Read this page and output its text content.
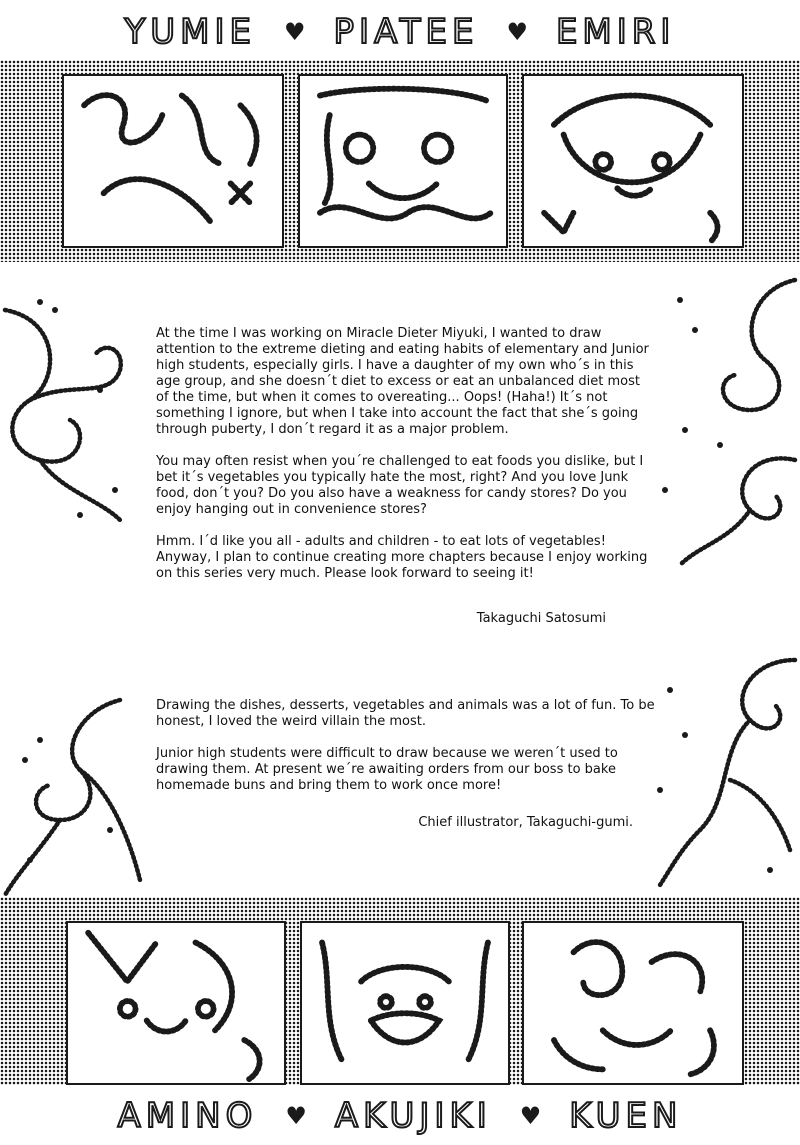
YUMIE	♥ PIATEE	♥ EMIRI

At the time I was working on Miracle Dieter Miyuki, I wanted to draw attention to the extreme dieting and eating habits of elementary and Junior high students, especially girls. I have a daughter of my own who´s in this age group, and she doesn´t diet to excess or eat an unbalanced diet most of the time, but when it comes to overeating... Oops! (Haha!) It´s not something I ignore, but when I take into account the fact that she´s going through puberty, I don´t regard it as a major problem.

You may often resist when you´re challenged to eat foods you dislike, but I bet it´s vegetables you typically hate the most, right? And you love Junk food, don´t you? Do you also have a weakness for candy stores? Do you enjoy hanging out in convenience stores?

Hmm. I´d like you all - adults and children - to eat lots of vegetables! Anyway, I plan to continue creating more chapters because I enjoy working on this series very much. Please look forward to seeing it!

Takaguchi Satosumi

Drawing the dishes, desserts, vegetables and animals was a lot of fun. To be honest, I loved the weird villain the most.

Junior high students were difficult to draw because we weren´t used to drawing them. At present we´re awaiting orders from our boss to bake homemade buns and bring them to work once more!

Chief illustrator, Takaguchi-gumi.
AMINO	♥ AKUJIKI	♥ KUEN
